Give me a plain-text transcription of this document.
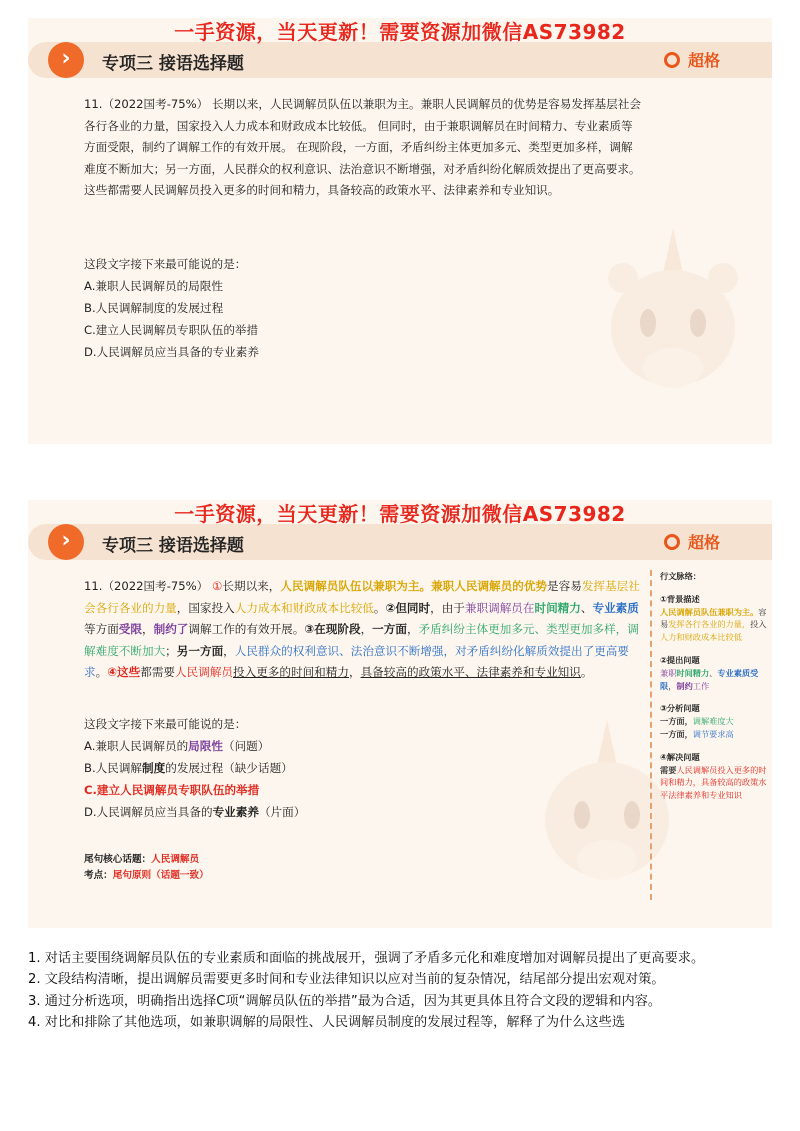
›	专项三 接语选择题	超格
一手资源，当天更新！需要资源加微信AS73982

11.（2022国考-75%） 长期以来，人民调解员队伍以兼职为主。兼职人民调解员的优势是容易发挥基层社会各行各业的力量，国家投入人力成本和财政成本比较低。 但同时，由于兼职调解员在时间精力、专业素质等方面受限，制约了调解工作的有效开展。 在现阶段，一方面，矛盾纠纷主体更加多元、类型更加多样，调解难度不断加大；另一方面，人民群众的权利意识、法治意识不断增强，对矛盾纠纷化解质效提出了更高要求。 这些都需要人民调解员投入更多的时间和精力，具备较高的政策水平、法律素养和专业知识。

这段文字接下来最可能说的是：
A.兼职人民调解员的局限性
B.人民调解制度的发展过程
C.建立人民调解员专职队伍的举措
D.人民调解员应当具备的专业素养
›	专项三 接语选择题	超格
一手资源，当天更新！需要资源加微信AS73982

11.（2022国考-75%） ①长期以来，人民调解员队伍以兼职为主。兼职人民调解员的优势是容易发挥基层社会各行各业的力量，国家投入人力成本和财政成本比较低。②但同时，由于兼职调解员在时间精力、专业素质等方面受限，制约了调解工作的有效开展。③在现阶段，一方面，矛盾纠纷主体更加多元、类型更加多样，调解难度不断加大；另一方面，人民群众的权利意识、法治意识不断增强，对矛盾纠纷化解质效提出了更高要求。④这些都需要人民调解员投入更多的时间和精力，具备较高的政策水平、法律素养和专业知识。

这段文字接下来最可能说的是：
A.兼职人民调解员的局限性（问题）
B.人民调解制度的发展过程（缺少话题）
C.建立人民调解员专职队伍的举措
D.人民调解员应当具备的专业素养（片面）
尾句核心话题：人民调解员
考点：尾句原则（话题一致）
行文脉络：
①背景描述
人民调解员队伍兼职为主。容易发挥各行各业的力量，投入人力和财政成本比较低
②提出问题
兼职时间精力、专业素质受限，制约工作
③分析问题
一方面，调解难度大
一方面，调节要求高
④解决问题
需要人民调解员投入更多的时间和精力，具备较高的政策水平法律素养和专业知识

1. 对话主要围绕调解员队伍的专业素质和面临的挑战展开，强调了矛盾多元化和难度增加对调解员提出了更高要求。

2. 文段结构清晰，提出调解员需要更多时间和专业法律知识以应对当前的复杂情况，结尾部分提出宏观对策。

3. 通过分析选项，明确指出选择C项“调解员队伍的举措”最为合适，因为其更具体且符合文段的逻辑和内容。

4. 对比和排除了其他选项，如兼职调解的局限性、人民调解员制度的发展过程等，解释了为什么这些选
